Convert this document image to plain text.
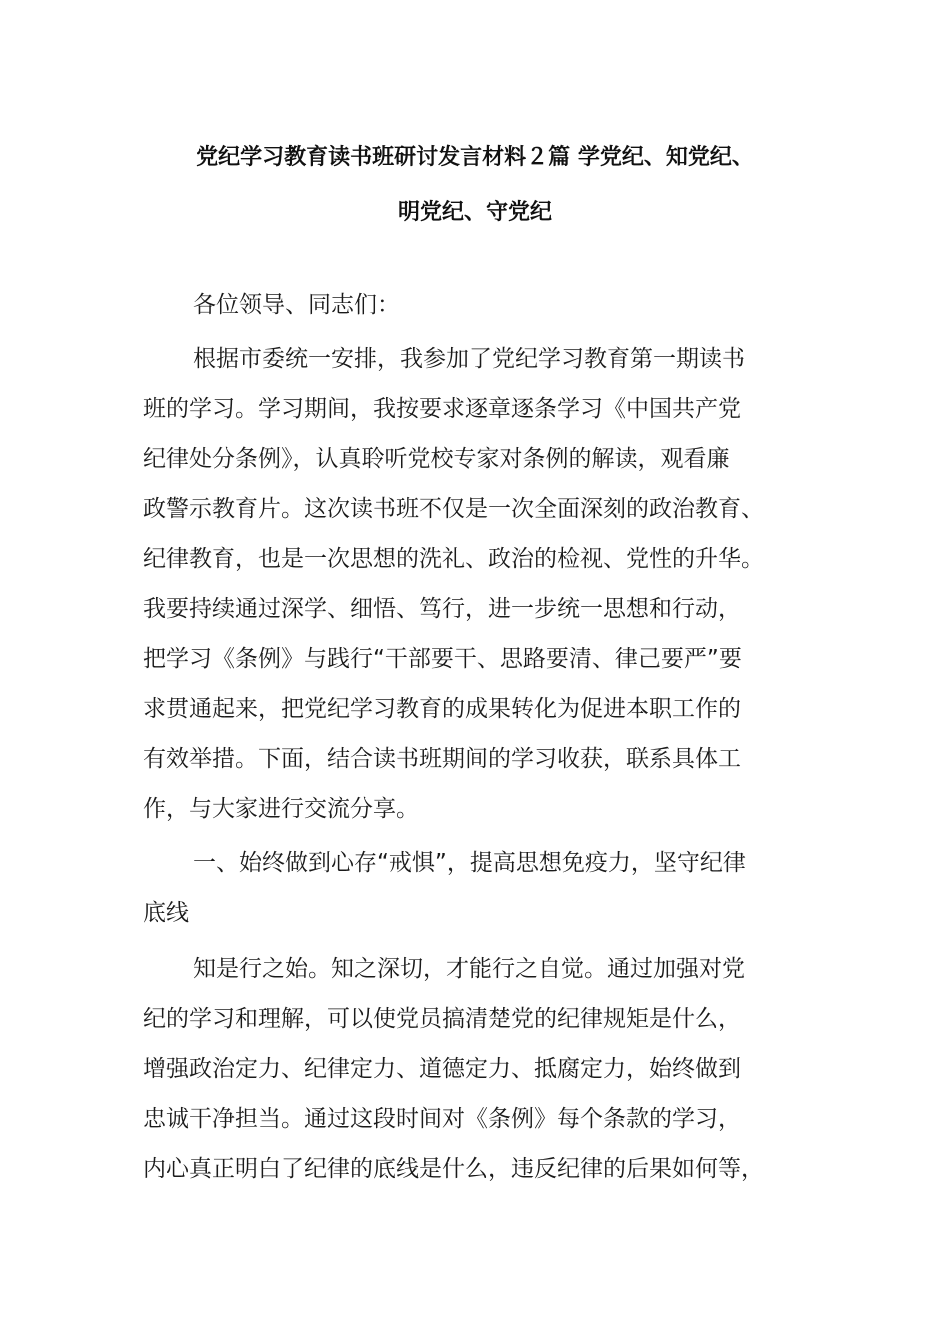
党纪学习教育读书班研讨发言材料２篇 学党纪、知党纪、
明党纪、守党纪
各位领导、同志们：
根据市委统一安排，我参加了党纪学习教育第一期读书
班的学习。学习期间，我按要求逐章逐条学习《中国共产党
纪律处分条例》，认真聆听党校专家对条例的解读，观看廉
政警示教育片。这次读书班不仅是一次全面深刻的政治教育、
纪律教育，也是一次思想的洗礼、政治的检视、党性的升华。
我要持续通过深学、细悟、笃行，进一步统一思想和行动，
把学习《条例》与践行“干部要干、思路要清、律己要严”要
求贯通起来，把党纪学习教育的成果转化为促进本职工作的
有效举措。下面，结合读书班期间的学习收获，联系具体工
作，与大家进行交流分享。
一、始终做到心存“戒惧”，提高思想免疫力，坚守纪律
底线
知是行之始。知之深切，才能行之自觉。通过加强对党
纪的学习和理解，可以使党员搞清楚党的纪律规矩是什么，
增强政治定力、纪律定力、道德定力、抵腐定力，始终做到
忠诚干净担当。通过这段时间对《条例》每个条款的学习，
内心真正明白了纪律的底线是什么，违反纪律的后果如何等，
